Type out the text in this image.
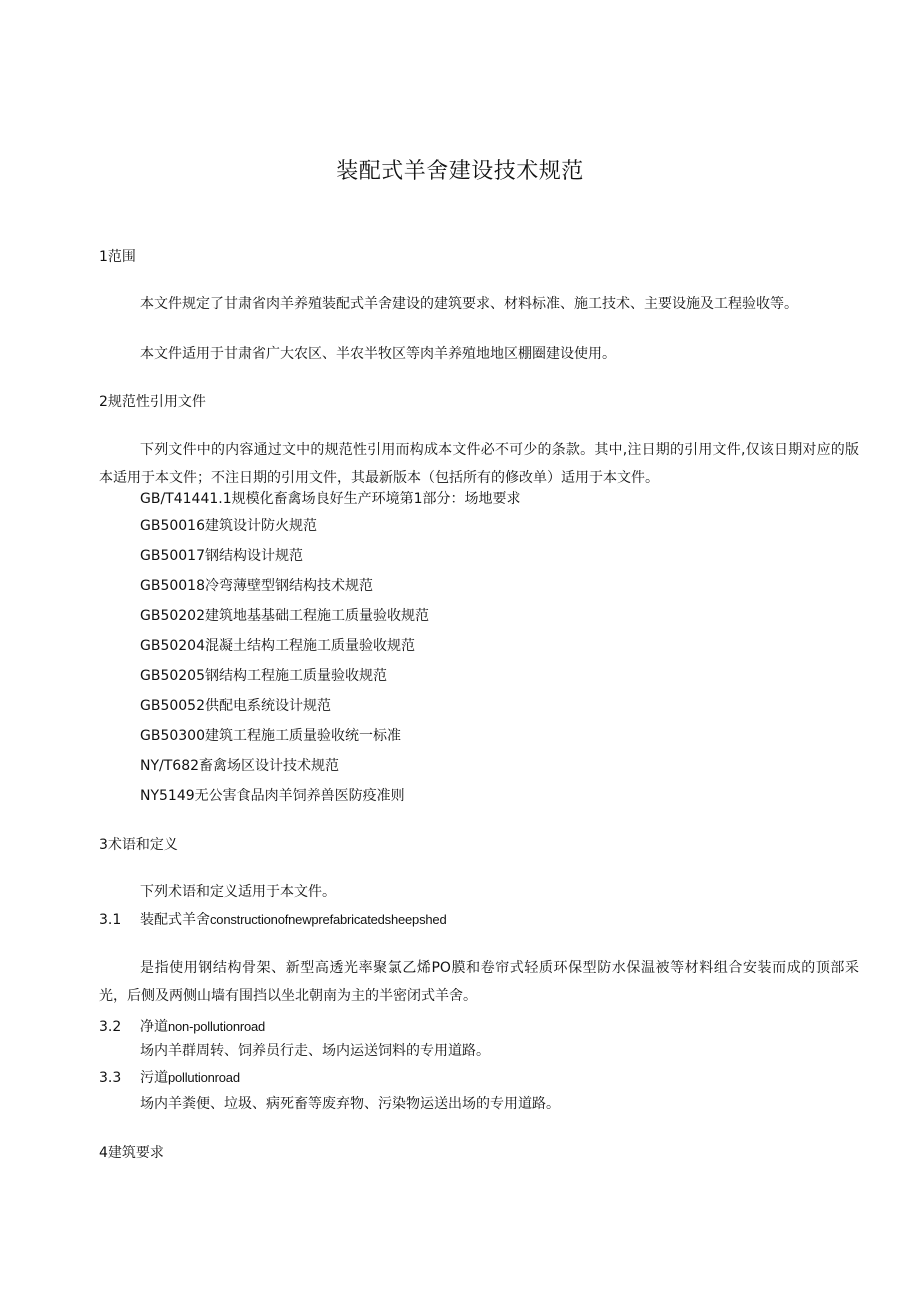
装配式羊舍建设技术规范
1范围
本文件规定了甘肃省肉羊养殖装配式羊舍建设的建筑要求、材料标准、施工技术、主要设施及工程验收等。
本文件适用于甘肃省广大农区、半农半牧区等肉羊养殖地地区棚圈建设使用。
2规范性引用文件
下列文件中的内容通过文中的规范性引用而构成本文件必不可少的条款。其中,注日期的引用文件,仅该日期对应的版本适用于本文件；不注日期的引用文件，其最新版本（包括所有的修改单）适用于本文件。
GB/T41441.1规模化畜禽场良好生产环境第1部分：场地要求
GB50016建筑设计防火规范
GB50017钢结构设计规范
GB50018冷弯薄壁型钢结构技术规范
GB50202建筑地基基础工程施工质量验收规范
GB50204混凝土结构工程施工质量验收规范
GB50205钢结构工程施工质量验收规范
GB50052供配电系统设计规范
GB50300建筑工程施工质量验收统一标准
NY/T682畜禽场区设计技术规范
NY5149无公害食品肉羊饲养兽医防疫准则
3术语和定义
下列术语和定义适用于本文件。
3.1 装配式羊舍constructionofnewprefabricatedsheepshed
是指使用钢结构骨架、新型高透光率聚氯乙烯PO膜和卷帘式轻质环保型防水保温被等材料组合安装而成的顶部采光，后侧及两侧山墙有围挡以坐北朝南为主的半密闭式羊舍。
3.2 净道non-pollutionroad
场内羊群周转、饲养员行走、场内运送饲料的专用道路。
3.3 污道pollutionroad
场内羊粪便、垃圾、病死畜等废弃物、污染物运送出场的专用道路。
4建筑要求
